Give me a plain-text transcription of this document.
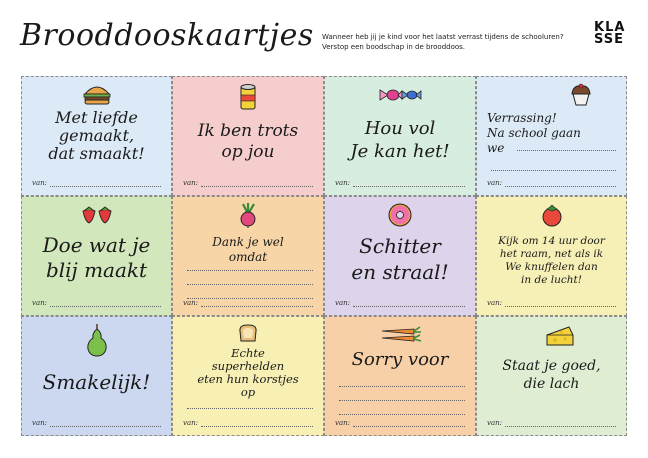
Brooddooskaartjes Wanneer heb jij je kind voor het laatst verrast tijdens de schooluren?
Verstop een boodschap in de brooddoos.
KLA
SSE
Met liefde
gemaakt,
dat smaakt!
van:
Ik ben trots
op jou
van:
Hou vol
Je kan het!
van:
Verrassing!
Na school gaan
we
van:
Doe wat je
blij maakt
van:
Dank je wel
omdat
van:
Schitter
en straal!
van:
Kijk om 14 uur door
het raam, net als ik
We knuffelen dan
in de lucht!
van:
Smakelijk!
van:
Echte
superhelden
eten hun korstjes
op
van:
Sorry voor
van:
Staat je goed,
die lach
van:
